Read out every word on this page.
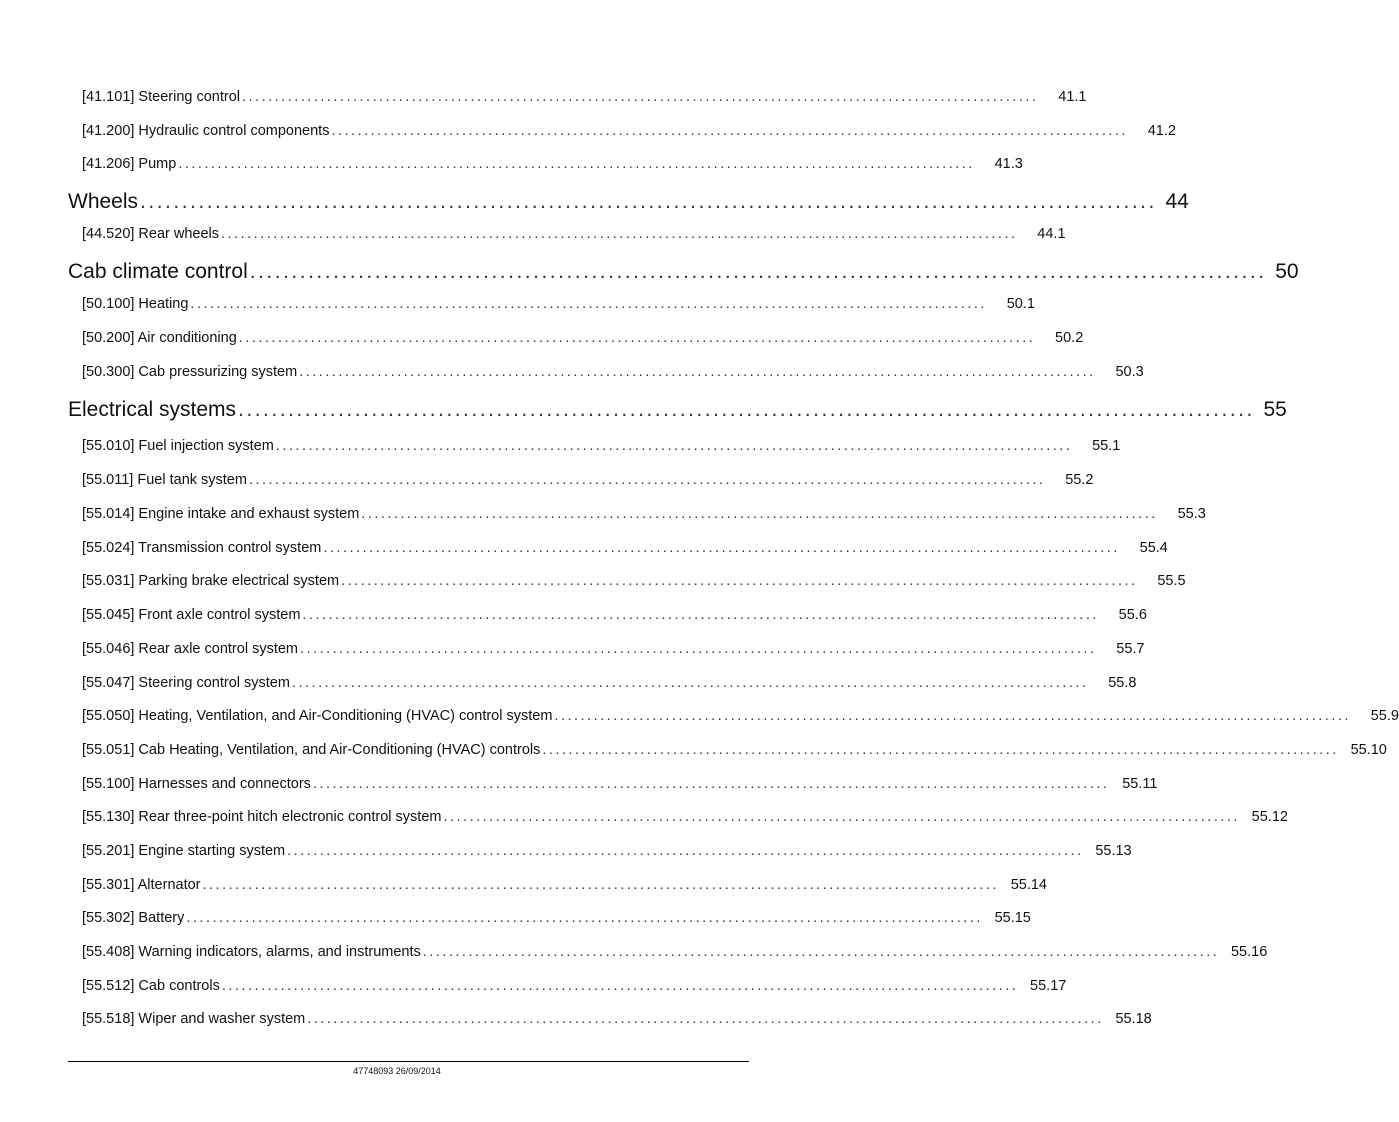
[41.101] Steering control ..........................................................................................................................	41.1
[41.200] Hydraulic control components ..........................................................................................................................	41.2
[41.206] Pump ..........................................................................................................................	41.3
Wheels .......................................................................................................................... 44
[44.520] Rear wheels ..........................................................................................................................	44.1
Cab climate control .......................................................................................................................... 50
[50.100] Heating ..........................................................................................................................	50.1
[50.200] Air conditioning ..........................................................................................................................	50.2
[50.300] Cab pressurizing system ..........................................................................................................................	50.3
Electrical systems .......................................................................................................................... 55
[55.010] Fuel injection system ..........................................................................................................................	55.1
[55.011] Fuel tank system ..........................................................................................................................	55.2
[55.014] Engine intake and exhaust system ..........................................................................................................................	55.3
[55.024] Transmission control system ..........................................................................................................................	55.4
[55.031] Parking brake electrical system ..........................................................................................................................	55.5
[55.045] Front axle control system ..........................................................................................................................	55.6
[55.046] Rear axle control system ..........................................................................................................................	55.7
[55.047] Steering control system ..........................................................................................................................	55.8
[55.050] Heating, Ventilation, and Air-Conditioning (HVAC) control system ..........................................................................................................................	55.9
[55.051] Cab Heating, Ventilation, and Air-Conditioning (HVAC) controls .......................................................................................................................... 55.10
[55.100] Harnesses and connectors .......................................................................................................................... 55.11
[55.130] Rear three-point hitch electronic control system .......................................................................................................................... 55.12
[55.201] Engine starting system .......................................................................................................................... 55.13
[55.301] Alternator .......................................................................................................................... 55.14
[55.302] Battery .......................................................................................................................... 55.15
[55.408] Warning indicators, alarms, and instruments .......................................................................................................................... 55.16
[55.512] Cab controls .......................................................................................................................... 55.17
[55.518] Wiper and washer system .......................................................................................................................... 55.18
47748093 26/09/2014
